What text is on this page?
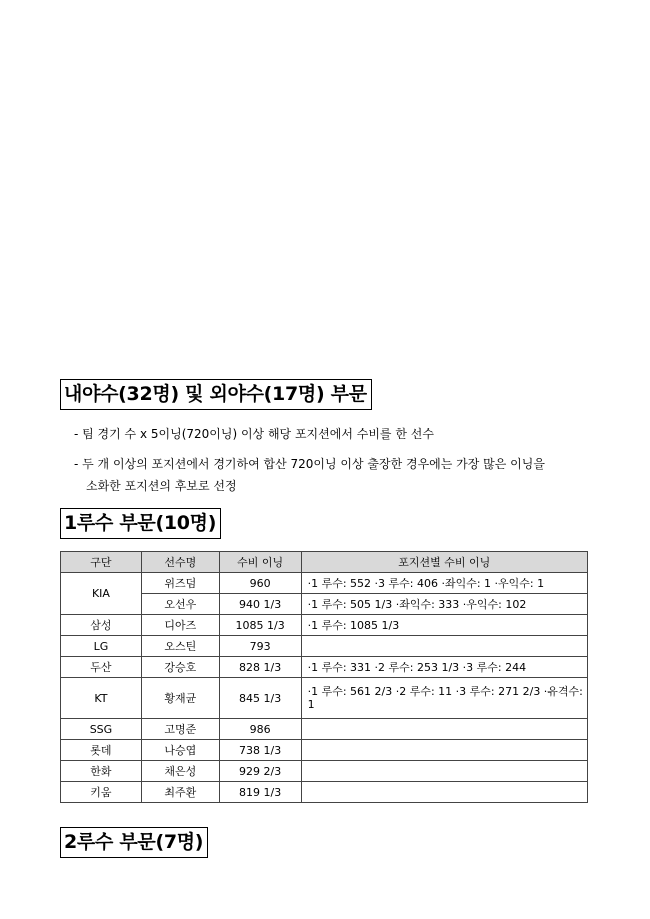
내야수(32명) 및 외야수(17명) 부문
- 팀 경기 수 x 5이닝(720이닝) 이상 해당 포지션에서 수비를 한 선수
- 두 개 이상의 포지션에서 경기하여 합산 720이닝 이상 출장한 경우에는 가장 많은 이닝을
소화한 포지션의 후보로 선정
1루수 부문(10명)
구단	선수명	수비 이닝	포지션별 수비 이닝
KIA	위즈덤	960	·1 루수: 552 ·3 루수: 406 ·좌익수: 1 ·우익수: 1
	오선우	940 1/3	·1 루수: 505 1/3 ·좌익수: 333 ·우익수: 102
삼성	디아즈	1085 1/3	·1 루수: 1085 1/3
LG	오스틴	793	
두산	강승호	828 1/3	·1 루수: 331 ·2 루수: 253 1/3 ·3 루수: 244
KT	황재균	845 1/3	·1 루수: 561 2/3 ·2 루수: 11 ·3 루수: 271 2/3 ·유격수:
1
SSG	고명준	986	
롯데	나승엽	738 1/3	
한화	채은성	929 2/3	
키움	최주환	819 1/3	
2루수 부문(7명)
